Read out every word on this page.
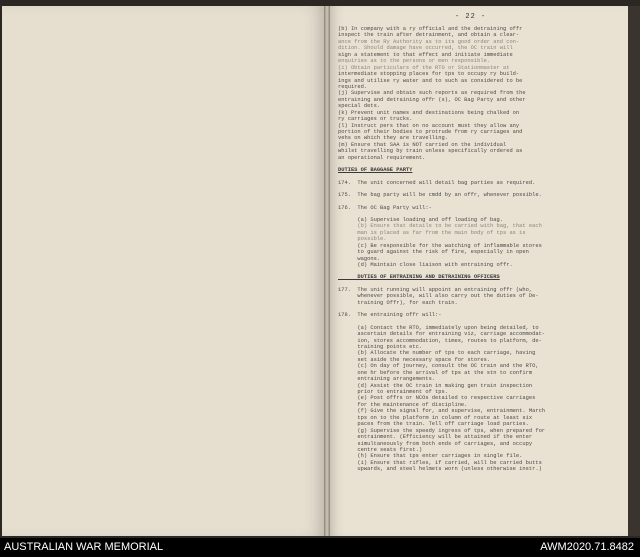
- 22 -
(b) In company with a ry official and the detraining offr
inspect the train after detrainment, and obtain a clear-
ance from the Ry Authority as to its good order and con-
dition. Should damage have occurred, the OC train will
sign a statement to that effect and initiate immediate
enquiries as to the persons or men responsible.
(i) Obtain particulars of the RTO or Stationmaster at
intermediate stopping places for tps to occupy ry build-
ings and utilise ry water and to such as considered to be
required.
(j) Supervise and obtain such reports as required from the
entraining and detraining offr (s), OC Bag Party and other
special dets.
(k) Prevent unit names and destinations being chalked on
ry carriages or trucks.
(l) Instruct pers that on no account must they allow any
portion of their bodies to protrude from ry carriages and
vehs on which they are travelling.
(m) Ensure that SAA is NOT carried on the individual
whilst travelling by train unless specifically ordered as
an operational requirement.
DUTIES OF BAGGAGE PARTY
174.  The unit concerned will detail bag parties as required.
175.  The bag party will be cmdd by an offr, whenever possible.
176.  The OC Bag Party will:-
(a) Supervise loading and off loading of bag.
(b) Ensure that details to be carried with bag, that each
man is placed as far from the main body of tps as is
possible.
(c) Be responsible for the watching of inflammable stores
to guard against the risk of fire, especially in open
wagons.
(d) Maintain close liaison with entraining offr.
DUTIES OF ENTRAINING AND DETRAINING OFFICERS
177.  The unit running will appoint an entraining offr (who,
whenever possible, will also carry out the duties of De-
training Offr), for each train.
178.  The entraining offr will:-
(a) Contact the RTO, immediately upon being detailed, to
ascertain details for entraining viz, carriage accommodat-
ion, stores accommodation, times, routes to platform, de-
training points etc.
(b) Allocate the number of tps to each carriage, having
set aside the necessary space for stores.
(c) On day of journey, consult the OC train and the RTO,
one hr before the arrival of tps at the stn to confirm
entraining arrangements.
(d) Assist the OC train in making gen train inspection
prior to entrainment of tps.
(e) Post offrs or NCOs detailed to respective carriages
for the maintenance of discipline.
(f) Give the signal for, and supervise, entrainment. March
tps on to the platform in column of route at least six
paces from the train. Tell off carriage load parties.
(g) Supervise the speedy ingress of tps, when prepared for
entrainment. (Efficiency will be attained if the enter
simultaneously from both ends of carriages, and occupy
centre seats first.)
(h) Ensure that tps enter carriages in single file.
(i) Ensure that rifles, if carried, will be carried butts
upwards, and steel helmets worn (unless otherwise instr.)
AUSTRALIAN WAR MEMORIAL	AWM2020.71.8482
